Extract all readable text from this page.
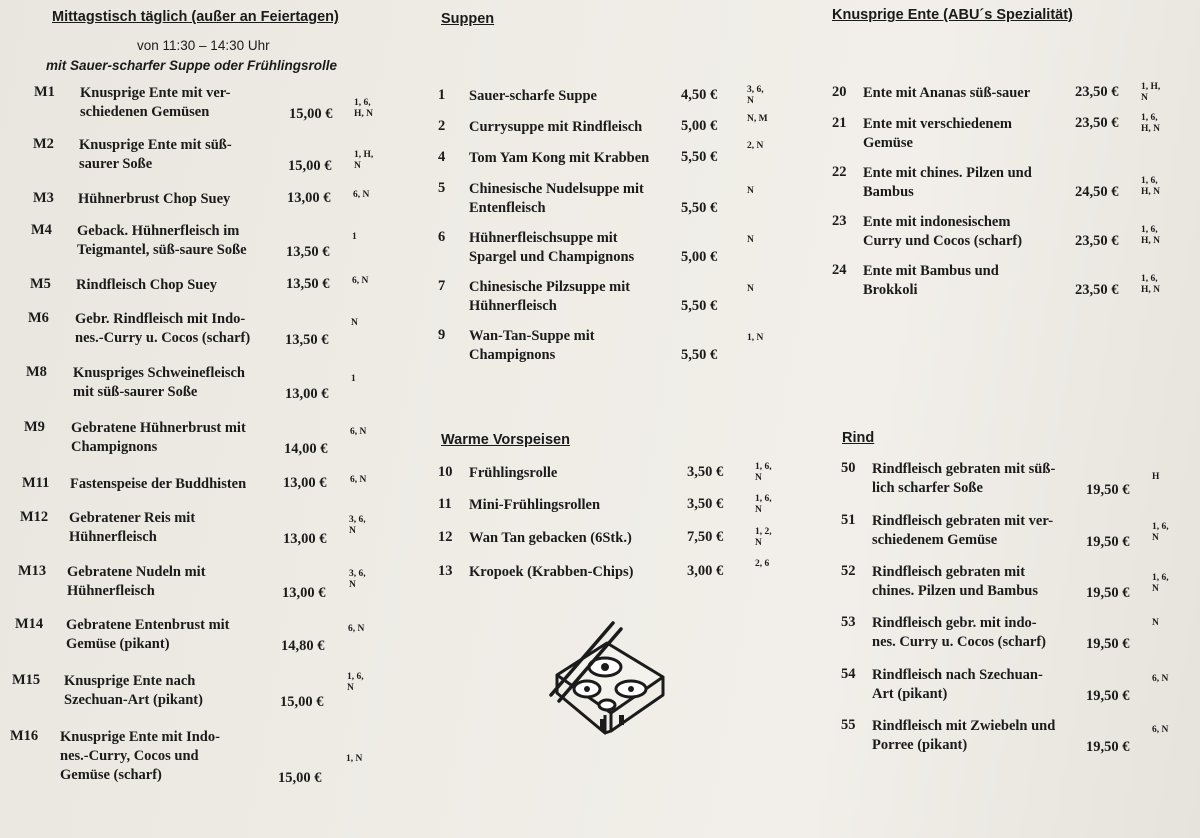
Mittagstisch täglich (außer an Feiertagen)
von 11:30 – 14:30 Uhr
mit Sauer-scharfer Suppe oder Frühlingsrolle
Suppen
Warme Vorspeisen
Knusprige Ente (ABU´s Spezialität)
Rind
M1 Knusprige Ente mit ver-
schiedenen Gemüsen	15,00 €
1, 6,
H, N
M2 Knusprige Ente mit süß-
saurer Soße	15,00 €
1, H,
N
M3 Hühnerbrust Chop Suey	13,00 € 6, N
M4 Geback. Hühnerfleisch im
Teigmantel, süß-saure Soße	13,50 €
1
M5 Rindfleisch Chop Suey	13,50 € 6, N
M6 Gebr. Rindfleisch mit Indo-
nes.-Curry u. Cocos (scharf) 13,50 €
N
M8 Knuspriges Schweinefleisch
mit süß-saurer Soße	13,00 €
1
M9 Gebratene Hühnerbrust mit
Champignons	14,00 €
6, N
M11 Fastenspeise der Buddhisten	13,00 € 6, N
M12 Gebratener Reis mit
Hühnerfleisch	13,00 €
3, 6,
N
M13 Gebratene Nudeln mit
Hühnerfleisch	13,00 €
3, 6,
N
M14 Gebratene Entenbrust mit
Gemüse (pikant)	14,80 €
6, N
M15 Knusprige Ente nach
Szechuan-Art (pikant)	15,00 €
1, 6,
N
M16 Knusprige Ente mit Indo-
nes.-Curry, Cocos und
Gemüse (scharf)	15,00 €
1, N
1 Sauer-scharfe Suppe	4,50 €	3, 6,
N
2 Currysuppe mit Rindfleisch	5,00 €	N, M
4 Tom Yam Kong mit Krabben 5,50 €
2, N
5 Chinesische Nudelsuppe mit
Entenfleisch	5,50 €
N
6 Hühnerfleischsuppe mit
Spargel und Champignons	5,00 €
N
7 Chinesische Pilzsuppe mit
Hühnerfleisch	5,50 €
N
9 Wan-Tan-Suppe mit
Champignons	5,50 €
1, N
10 Frühlingsrolle	3,50 €	1, 6,
N
11 Mini-Frühlingsrollen	3,50 €	1, 6,
N
12 Wan Tan gebacken (6Stk.)	7,50 €	1, 2,
N
13 Kropoek (Krabben-Chips)	3,00 €	2, 6
20 Ente mit Ananas süß-sauer	23,50 € 1, H,
N
21 Ente mit verschiedenem
Gemüse
23,50 € 1, 6,
H, N
22 Ente mit chines. Pilzen und
Bambus	24,50 €
1, 6,
H, N
23 Ente mit indonesischem
Curry und Cocos (scharf)	23,50 €
1, 6,
H, N
24 Ente mit Bambus und
Brokkoli	23,50 €
1, 6,
H, N
50 Rindfleisch gebraten mit süß-
lich scharfer Soße	19,50 €
H
51 Rindfleisch gebraten mit ver-
schiedenem Gemüse	19,50 €
1, 6,
N
52 Rindfleisch gebraten mit
chines. Pilzen und Bambus	19,50 €
1, 6,
N
53 Rindfleisch gebr. mit indo-
nes. Curry u. Cocos (scharf)	19,50 €
N
54 Rindfleisch nach Szechuan-
Art (pikant)	19,50 €
6, N
55 Rindfleisch mit Zwiebeln und
Porree (pikant)	19,50 €
6, N
